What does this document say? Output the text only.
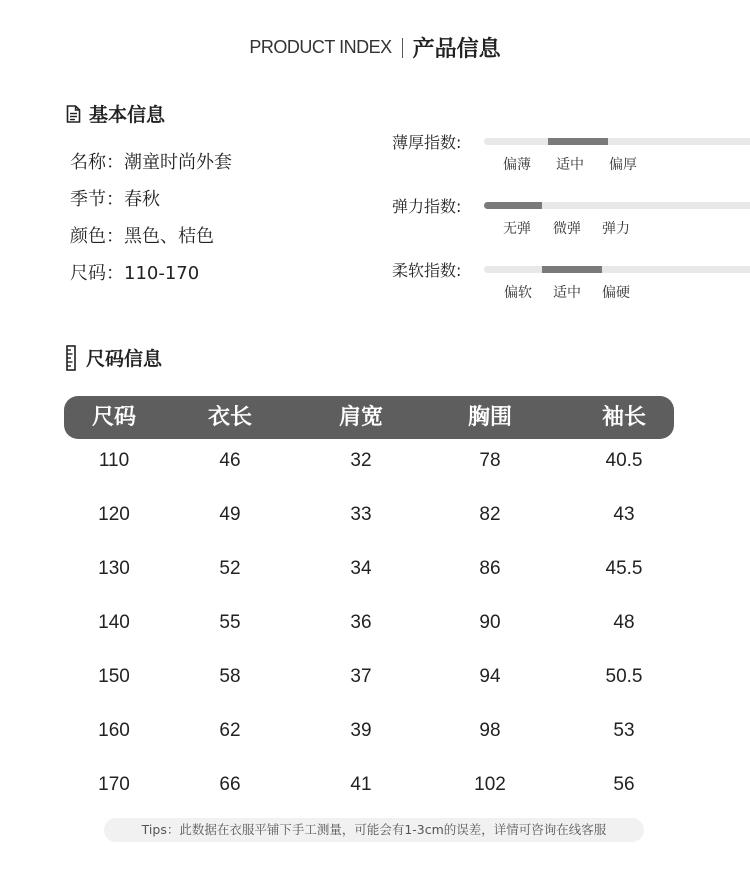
PRODUCT INDEX 产品信息
基本信息
名称：潮童时尚外套
季节：春秋
颜色：黑色、桔色
尺码：110-170
薄厚指数:
偏薄	适中	偏厚
弹力指数:
无弹	微弹	弹力
柔软指数:
偏软	适中	偏硬
尺码信息
尺码	衣长	肩宽	胸围	袖长
110	46	32	78	40.5
120	49	33	82	43
130	52	34	86	45.5
140	55	36	90	48
150	58	37	94	50.5
160	62	39	98	53
170	66	41	102	56
Tips：此数据在衣服平铺下手工测量，可能会有1-3cm的误差，详情可咨询在线客服
